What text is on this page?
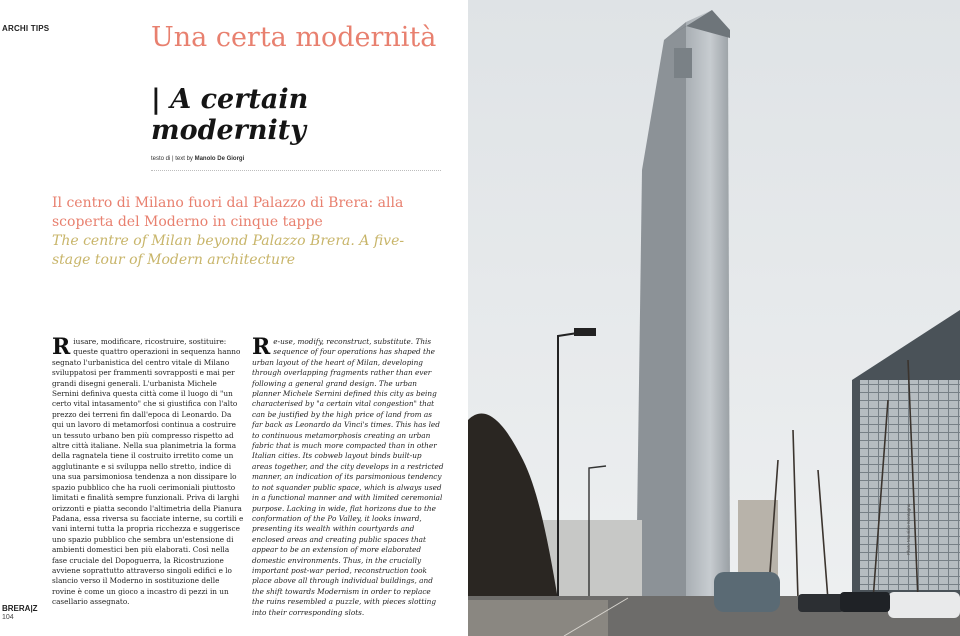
ARCHI TIPS	Una certa modernità
| A certain modernity
testo di | text by Manolo De Giorgi
Il centro di Milano fuori dal Palazzo di Brera: alla scoperta del Moderno in cinque tappe
The centre of Milan beyond Palazzo Brera. A five-stage tour of Modern architecture
Riusare, modificare, ricostruire, sostituire: queste quattro operazioni in sequenza hanno segnato l'urbanistica del centro vitale di Milano sviluppatosi per frammenti sovrapposti e mai per grandi disegni generali. L'urbanista Michele Sernini definiva questa città come il luogo di "un certo vital intasamento" che si giustifica con l'alto prezzo dei terreni fin dall'epoca di Leonardo. Da qui un lavoro di metamorfosi continua a costruire un tessuto urbano ben più compresso rispetto ad altre città italiane. Nella sua planimetria la forma della ragnatela tiene il costruito irretito come un agglutinante e si sviluppa nello stretto, indice di una sua parsimoniosa tendenza a non dissipare lo spazio pubblico che ha ruoli cerimoniali piuttosto limitati e finalità sempre funzionali. Priva di larghi orizzonti e piatta secondo l'altimetria della Pianura Padana, essa riversa su facciate interne, su cortili e vani interni tutta la propria ricchezza e suggerisce uno spazio pubblico che sembra un'estensione di ambienti domestici ben più elaborati. Così nella fase cruciale del Dopoguerra, la Ricostruzione avviene soprattutto attraverso singoli edifici e lo slancio verso il Moderno in sostituzione delle rovine è come un gioco a incastro di pezzi in un casellario assegnato.
Re-use, modify, reconstruct, substitute. This sequence of four operations has shaped the urban layout of the heart of Milan, developing through overlapping fragments rather than ever following a general grand design. The urban planner Michele Sernini defined this city as being characterised by "a certain vital congestion" that can be justified by the high price of land from as far back as Leonardo da Vinci's times. This has led to continuous metamorphosis creating an urban fabric that is much more compacted than in other Italian cities. Its cobweb layout binds built-up areas together, and the city develops in a restricted manner, an indication of its parsimonious tendency to not squander public space, which is always used in a functional manner and with limited ceremonial purpose. Lacking in wide, flat horizons due to the conformation of the Po Valley, it looks inward, presenting its wealth within courtyards and enclosed areas and creating public spaces that appear to be an extension of more elaborated domestic environments. Thus, in the crucially important post-war period, reconstruction took place above all through individual buildings, and the shift towards Modernism in order to replace the ruins resembled a puzzle, with pieces slotting into their corresponding slots.
BRERA|Z
104
Photo Maurizio Montagna
